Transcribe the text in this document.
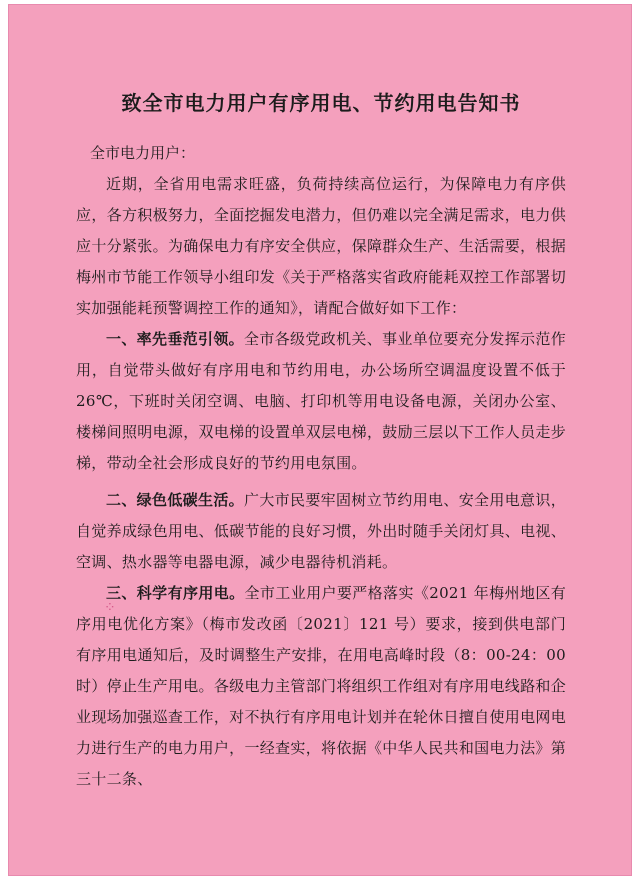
致全市电力用户有序用电、节约用电告知书

全市电力用户：

近期，全省用电需求旺盛，负荷持续高位运行，为保障电力有序供应，各方积极努力，全面挖掘发电潜力，但仍难以完全满足需求，电力供应十分紧张。为确保电力有序安全供应，保障群众生产、生活需要，根据梅州市节能工作领导小组印发《关于严格落实省政府能耗双控工作部署切实加强能耗预警调控工作的通知》，请配合做好如下工作：

一、率先垂范引领。全市各级党政机关、事业单位要充分发挥示范作用，自觉带头做好有序用电和节约用电，办公场所空调温度设置不低于 26℃，下班时关闭空调、电脑、打印机等用电设备电源，关闭办公室、楼梯间照明电源，双电梯的设置单双层电梯，鼓励三层以下工作人员走步梯，带动全社会形成良好的节约用电氛围。

二、绿色低碳生活。广大市民要牢固树立节约用电、安全用电意识，自觉养成绿色用电、低碳节能的良好习惯，外出时随手关闭灯具、电视、空调、热水器等电器电源，减少电器待机消耗。

三、科学有序用电。全市工业用户要严格落实《2021 年梅州地区有序用电优化方案》（梅市发改函〔2021〕121 号）要求，接到供电部门有序用电通知后，及时调整生产安排，在用电高峰时段（8：00-24：00 时）停止生产用电。各级电力主管部门将组织工作组对有序用电线路和企业现场加强巡查工作，对不执行有序用电计划并在轮休日擅自使用电网电力进行生产的电力用户，一经查实，将依据《中华人民共和国电力法》第三十二条、

⁘
